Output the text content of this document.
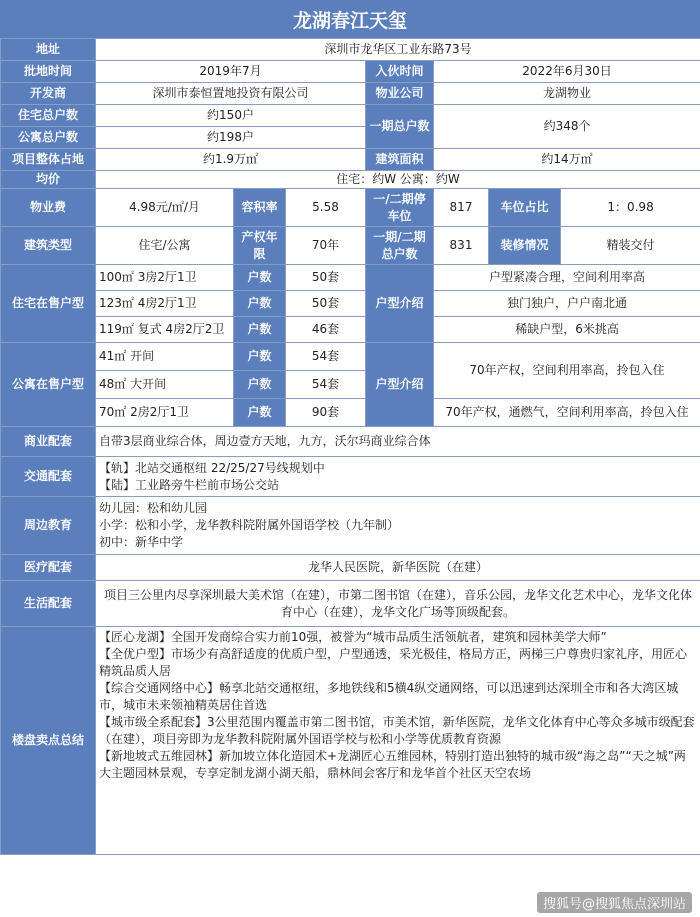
龙湖春江天玺
地址	深圳市龙华区工业东路73号						
批地时间	2019年7月			入伙时间	2022年6月30日		
开发商	深圳市泰恒置地投资有限公司			物业公司	龙湖物业		
住宅总户数	约150户			一期总户数	约348个		
公寓总户数	约198户						
项目整体占地	约1.9万㎡			建筑面积	约14万㎡		
均价	住宅：约W 公寓：约W						
物业费	4.98元/㎡/月	容积率	5.58	一/二期停车位	817	车位占比	1：0.98
建筑类型	住宅/公寓	产权年限	70年	一期/二期总户数	831	装修情况	精装交付
住宅在售户型	100㎡ 3房2厅1卫	户数	50套	户型介绍	户型紧凑合理，空间利用率高		
	123㎡ 4房2厅1卫	户数	50套		独门独户，户户南北通		
	119㎡ 复式 4房2厅2卫	户数	46套		稀缺户型，6米挑高		
公寓在售户型	41㎡ 开间	户数	54套	户型介绍	70年产权，空间利用率高，拎包入住		
	48㎡ 大开间	户数	54套				
	70㎡ 2房2厅1卫	户数	90套		70年产权，通燃气，空间利用率高，拎包入住		
商业配套	自带3层商业综合体，周边壹方天地，九方，沃尔玛商业综合体						
交通配套	【轨】北站交通枢纽 22/25/27号线规划中
【陆】工业路旁牛栏前市场公交站						

周边教育	幼儿园：松和幼儿园
小学：松和小学，龙华教科院附属外国语学校（九年制）
初中：新华中学						

医疗配套	龙华人民医院，新华医院（在建）						
生活配套	项目三公里内尽享深圳最大美术馆（在建），市第二图书馆（在建），音乐公园，龙华文化艺术中心，龙华文化体育中心（在建），龙华文化广场等顶级配套。						
楼盘卖点总结	【匠心龙湖】全国开发商综合实力前10强，被誉为“城市品质生活领航者，建筑和园林美学大师”
【全优户型】市场少有高舒适度的优质户型，户型通透，采光极佳，格局方正，两梯三户尊贵归家礼序，用匠心精筑品质人居
【综合交通网络中心】畅享北站交通枢纽，多地铁线和5横4纵交通网络，可以迅速到达深圳全市和各大湾区城市，城市未来领袖精英居住首选
【城市级全系配套】3公里范围内覆盖市第二图书馆，市美术馆，新华医院，龙华文化体育中心等众多城市级配套（在建），项目旁即为龙华教科院附属外国语学校与松和小学等优质教育资源
【新地坡式五维园林】新加坡立体化造园术+龙湖匠心五维园林，特别打造出独特的城市级“海之岛”“天之城”两大主题园林景观，专享定制龙湖小湖天船，鼎林间会客厅和龙华首个社区天空农场						
搜狐号@搜狐焦点深圳站
